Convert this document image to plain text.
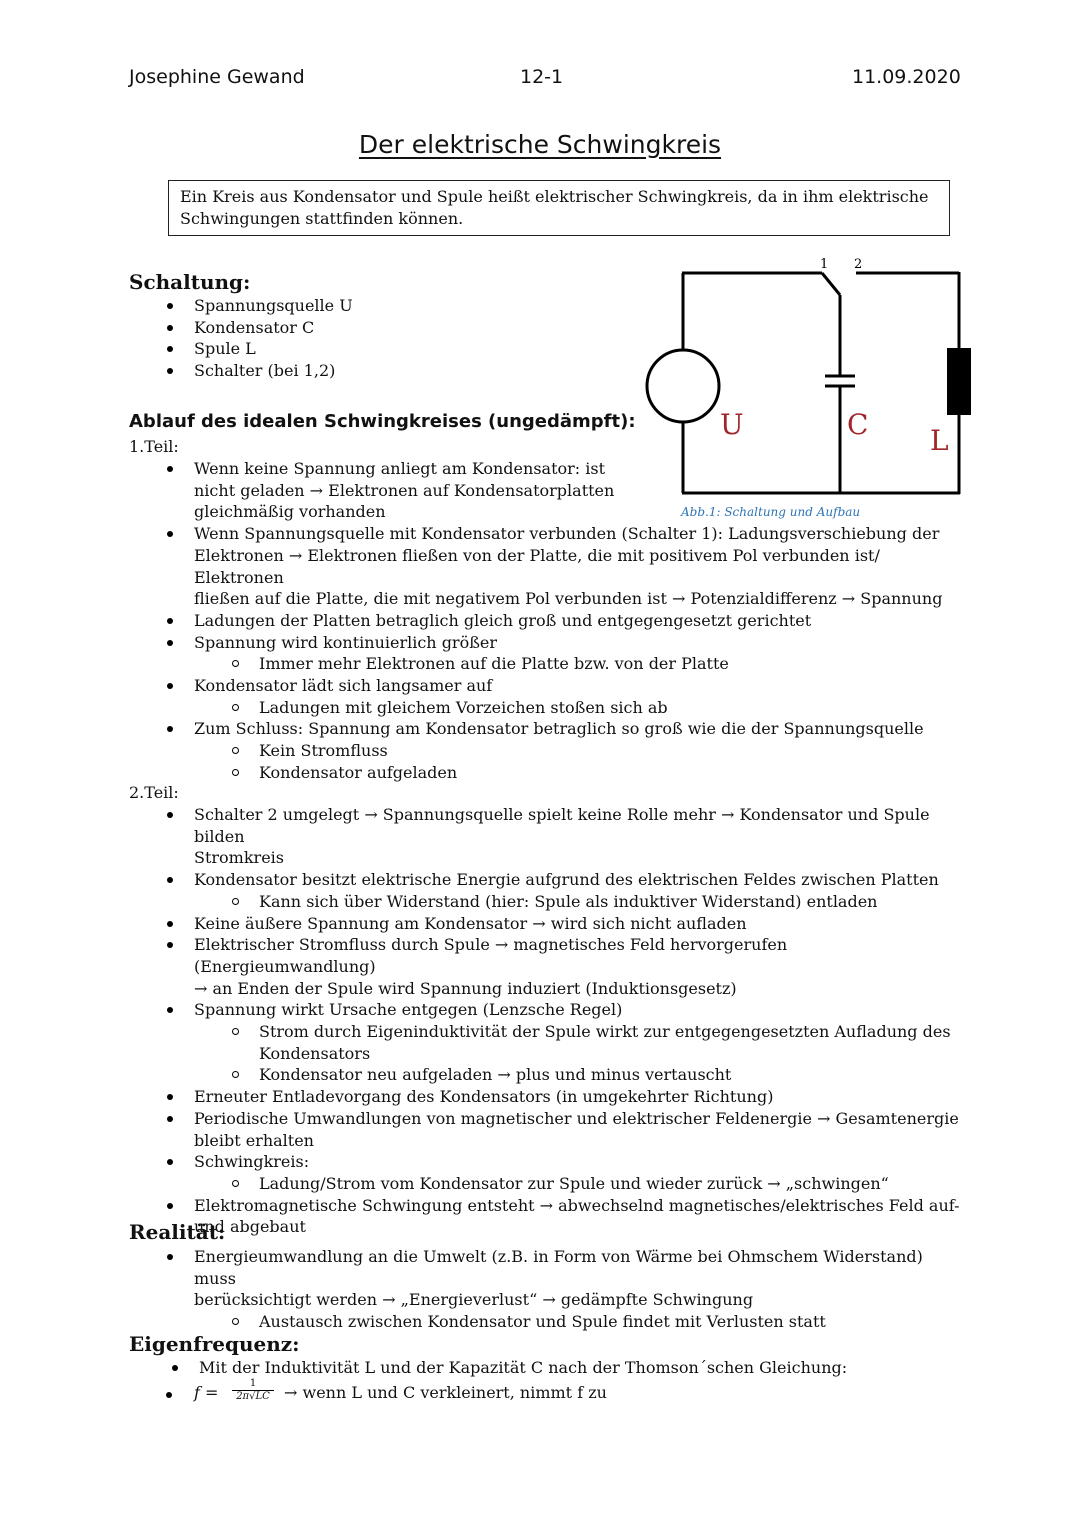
Josephine Gewand	12-1	11.09.2020
Der elektrische Schwingkreis
Ein Kreis aus Kondensator und Spule heißt elektrischer Schwingkreis, da in ihm elektrische Schwingungen stattfinden können.
1 2
U	C L
Abb.1: Schaltung und Aufbau
Schaltung:
Spannungsquelle U
Kondensator C
Spule L
Schalter (bei 1,2)
Ablauf des idealen Schwingkreises (ungedämpft):
1.Teil:
Wenn keine Spannung anliegt am Kondensator: ist
nicht geladen → Elektronen auf Kondensatorplatten
gleichmäßig vorhanden
Wenn Spannungsquelle mit Kondensator verbunden (Schalter 1): Ladungsverschiebung der
Elektronen → Elektronen fließen von der Platte, die mit positivem Pol verbunden ist/ Elektronen
fließen auf die Platte, die mit negativem Pol verbunden ist → Potenzialdifferenz → Spannung
Ladungen der Platten betraglich gleich groß und entgegengesetzt gerichtet
Spannung wird kontinuierlich größer
Immer mehr Elektronen auf die Platte bzw. von der Platte
Kondensator lädt sich langsamer auf
Ladungen mit gleichem Vorzeichen stoßen sich ab
Zum Schluss: Spannung am Kondensator betraglich so groß wie die der Spannungsquelle
Kein Stromfluss
Kondensator aufgeladen
2.Teil:
Schalter 2 umgelegt → Spannungsquelle spielt keine Rolle mehr → Kondensator und Spule bilden
Stromkreis
Kondensator besitzt elektrische Energie aufgrund des elektrischen Feldes zwischen Platten
Kann sich über Widerstand (hier: Spule als induktiver Widerstand) entladen
Keine äußere Spannung am Kondensator → wird sich nicht aufladen
Elektrischer Stromfluss durch Spule → magnetisches Feld hervorgerufen (Energieumwandlung)
→ an Enden der Spule wird Spannung induziert (Induktionsgesetz)
Spannung wirkt Ursache entgegen (Lenzsche Regel)
Strom durch Eigeninduktivität der Spule wirkt zur entgegengesetzten Aufladung des
Kondensators
Kondensator neu aufgeladen → plus und minus vertauscht
Erneuter Entladevorgang des Kondensators (in umgekehrter Richtung)
Periodische Umwandlungen von magnetischer und elektrischer Feldenergie → Gesamtenergie
bleibt erhalten
Schwingkreis:
Ladung/Strom vom Kondensator zur Spule und wieder zurück → „schwingen“
Elektromagnetische Schwingung entsteht → abwechselnd magnetisches/elektrisches Feld auf-
und abgebaut
Realität:
Energieumwandlung an die Umwelt (z.B. in Form von Wärme bei Ohmschem Widerstand) muss
berücksichtigt werden → „Energieverlust“ → gedämpfte Schwingung
Austausch zwischen Kondensator und Spule findet mit Verlusten statt
Eigenfrequenz:
Mit der Induktivität L und der Kapazität C nach der Thomson´schen Gleichung:
$f = \frac{1}{2\pi√LC}$ → wenn L und C verkleinert, nimmt f zu
